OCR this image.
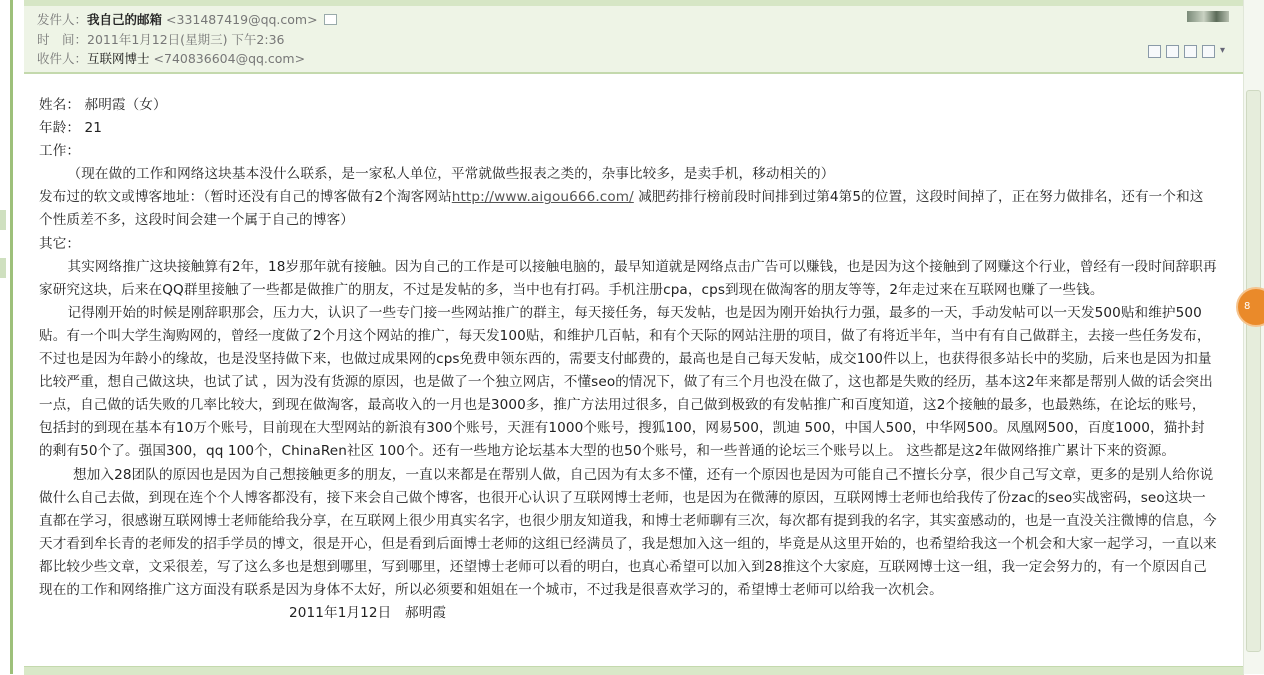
发件人：我自己的邮箱 <331487419@qq.com>
时　间：2011年1月12日(星期三) 下午2:36
收件人：互联网博士 <740836604@qq.com>
▾

姓名： 郝明霞（女）

年龄： 21

工作：

（现在做的工作和网络这块基本没什么联系，是一家私人单位，平常就做些报表之类的，杂事比较多，是卖手机，移动相关的）

发布过的软文或博客地址：（暂时还没有自己的博客做有2个淘客网站http://www.aigou666.com/ 减肥药排行榜前段时间排到过第4第5的位置，这段时间掉了，正在努力做排名，还有一个和这个性质差不多，这段时间会建一个属于自己的博客）

其它：

其实网络推广这块接触算有2年，18岁那年就有接触。因为自己的工作是可以接触电脑的，最早知道就是网络点击广告可以赚钱，也是因为这个接触到了网赚这个行业，曾经有一段时间辞职再家研究这块，后来在QQ群里接触了一些都是做推广的朋友，不过是发帖的多，当中也有打码。手机注册cpa，cps到现在做淘客的朋友等等，2年走过来在互联网也赚了一些钱。

记得刚开始的时候是刚辞职那会，压力大，认识了一些专门接一些网站推广的群主，每天接任务，每天发帖，也是因为刚开始执行力强，最多的一天，手动发帖可以一天发500贴和维护500贴。有一个叫大学生淘购网的，曾经一度做了2个月这个网站的推广，每天发100贴，和维护几百帖，和有个天际的网站注册的项目，做了有将近半年，当中有有自己做群主，去接一些任务发布，不过也是因为年龄小的缘故，也是没坚持做下来，也做过成果网的cps免费申领东西的，需要支付邮费的，最高也是自己每天发帖，成交100件以上，也获得很多站长中的奖励，后来也是因为扣量比较严重，想自己做这块，也试了试 ，因为没有货源的原因，也是做了一个独立网店，不懂seo的情况下，做了有三个月也没在做了，这也都是失败的经历，基本这2年来都是帮别人做的话会突出一点，自己做的话失败的几率比较大，到现在做淘客，最高收入的一月也是3000多，推广方法用过很多，自己做到极致的有发帖推广和百度知道，这2个接触的最多，也最熟练，在论坛的账号，包括封的到现在基本有10万个账号，目前现在大型网站的新浪有300个账号，天涯有1000个账号，搜狐100，网易500，凯迪 500，中国人500，中华网500。凤凰网500，百度1000，猫扑封的剩有50个了。强国300，qq 100个，ChinaRen社区 100个。还有一些地方论坛基本大型的也50个账号，和一些普通的论坛三个账号以上。 这些都是这2年做网络推广累计下来的资源。

想加入28团队的原因也是因为自己想接触更多的朋友，一直以来都是在帮别人做，自己因为有太多不懂，还有一个原因也是因为可能自己不擅长分享，很少自己写文章，更多的是别人给你说做什么自己去做，到现在连个个人博客都没有，接下来会自己做个博客，也很开心认识了互联网博士老师，也是因为在微薄的原因，互联网博士老师也给我传了份zac的seo实战密码，seo这块一直都在学习，很感谢互联网博士老师能给我分享，在互联网上很少用真实名字，也很少朋友知道我，和博士老师聊有三次，每次都有提到我的名字，其实蛮感动的，也是一直没关注微博的信息，今天才看到牟长青的老师发的招手学员的博文，很是开心，但是看到后面博士老师的这组已经满员了，我是想加入这一组的，毕竟是从这里开始的，也希望给我这一个机会和大家一起学习，一直以来都比较少些文章，文采很差，写了这么多也是想到哪里，写到哪里，还望博士老师可以看的明白，也真心希望可以加入到28推这个大家庭，互联网博士这一组，我一定会努力的，有一个原因自己现在的工作和网络推广这方面没有联系是因为身体不太好，所以必须要和姐姐在一个城市，不过我是很喜欢学习的，希望博士老师可以给我一次机会。

2011年1月12日　郝明霞

8
